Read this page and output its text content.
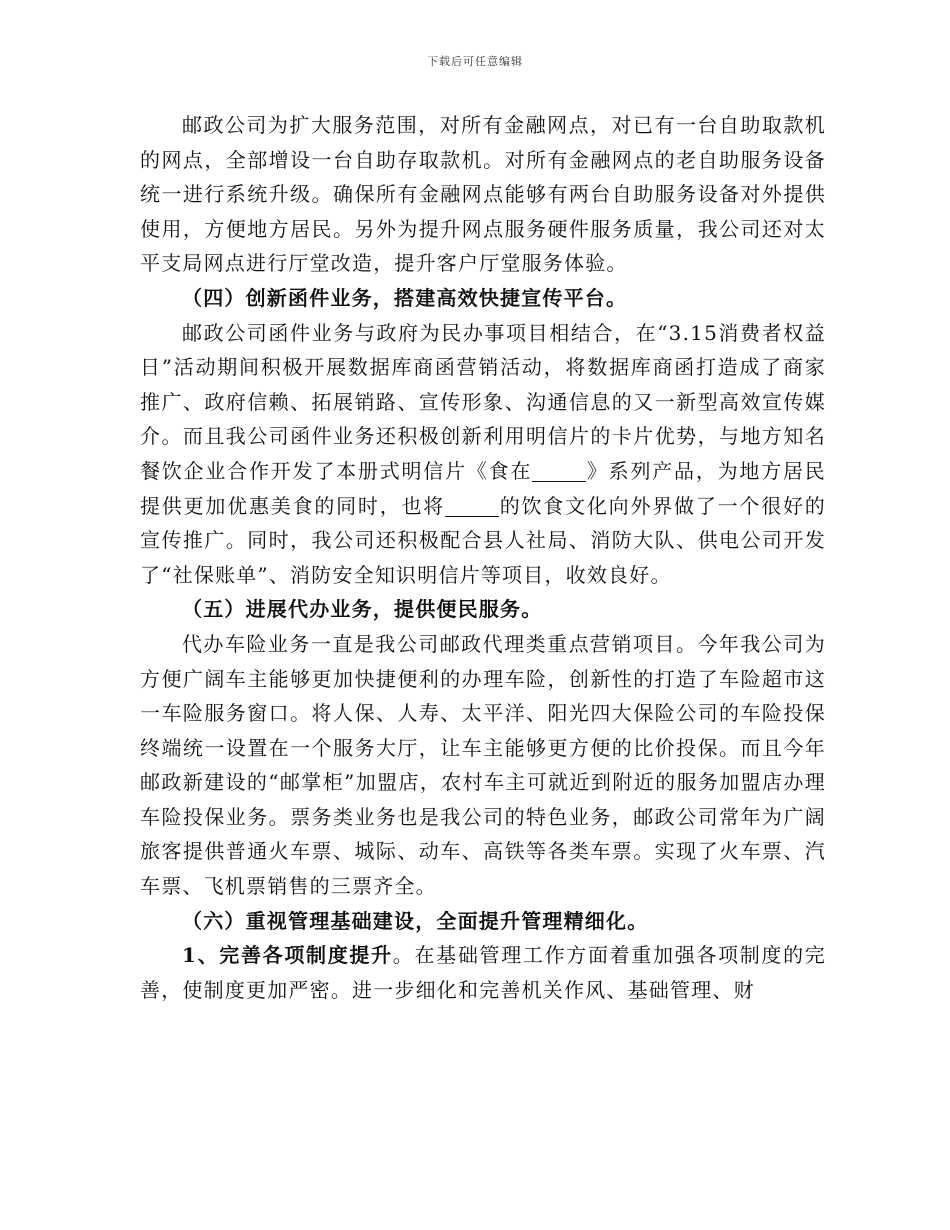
下载后可任意编辑

邮政公司为扩大服务范围，对所有金融网点，对已有一台自助取款机的网点，全部增设一台自助存取款机。对所有金融网点的老自助服务设备统一进行系统升级。确保所有金融网点能够有两台自助服务设备对外提供使用，方便地方居民。另外为提升网点服务硬件服务质量，我公司还对太平支局网点进行厅堂改造，提升客户厅堂服务体验。

（四）创新函件业务，搭建高效快捷宣传平台。

邮政公司函件业务与政府为民办事项目相结合，在“3.15消费者权益日”活动期间积极开展数据库商函营销活动，将数据库商函打造成了商家推广、政府信赖、拓展销路、宣传形象、沟通信息的又一新型高效宣传媒介。而且我公司函件业务还积极创新利用明信片的卡片优势，与地方知名餐饮企业合作开发了本册式明信片《食在	》系列产品，为地方居民提供更加优惠美食的同时，也将	的饮食文化向外界做了一个很好的宣传推广。同时，我公司还积极配合县人社局、消防大队、供电公司开发了“社保账单”、消防安全知识明信片等项目，收效良好。

（五）进展代办业务，提供便民服务。

代办车险业务一直是我公司邮政代理类重点营销项目。今年我公司为方便广阔车主能够更加快捷便利的办理车险，创新性的打造了车险超市这一车险服务窗口。将人保、人寿、太平洋、阳光四大保险公司的车险投保终端统一设置在一个服务大厅，让车主能够更方便的比价投保。而且今年邮政新建设的“邮掌柜”加盟店，农村车主可就近到附近的服务加盟店办理车险投保业务。票务类业务也是我公司的特色业务，邮政公司常年为广阔旅客提供普通火车票、城际、动车、高铁等各类车票。实现了火车票、汽车票、飞机票销售的三票齐全。

（六）重视管理基础建设，全面提升管理精细化。

1、完善各项制度提升。在基础管理工作方面着重加强各项制度的完善，使制度更加严密。进一步细化和完善机关作风、基础管理、财
